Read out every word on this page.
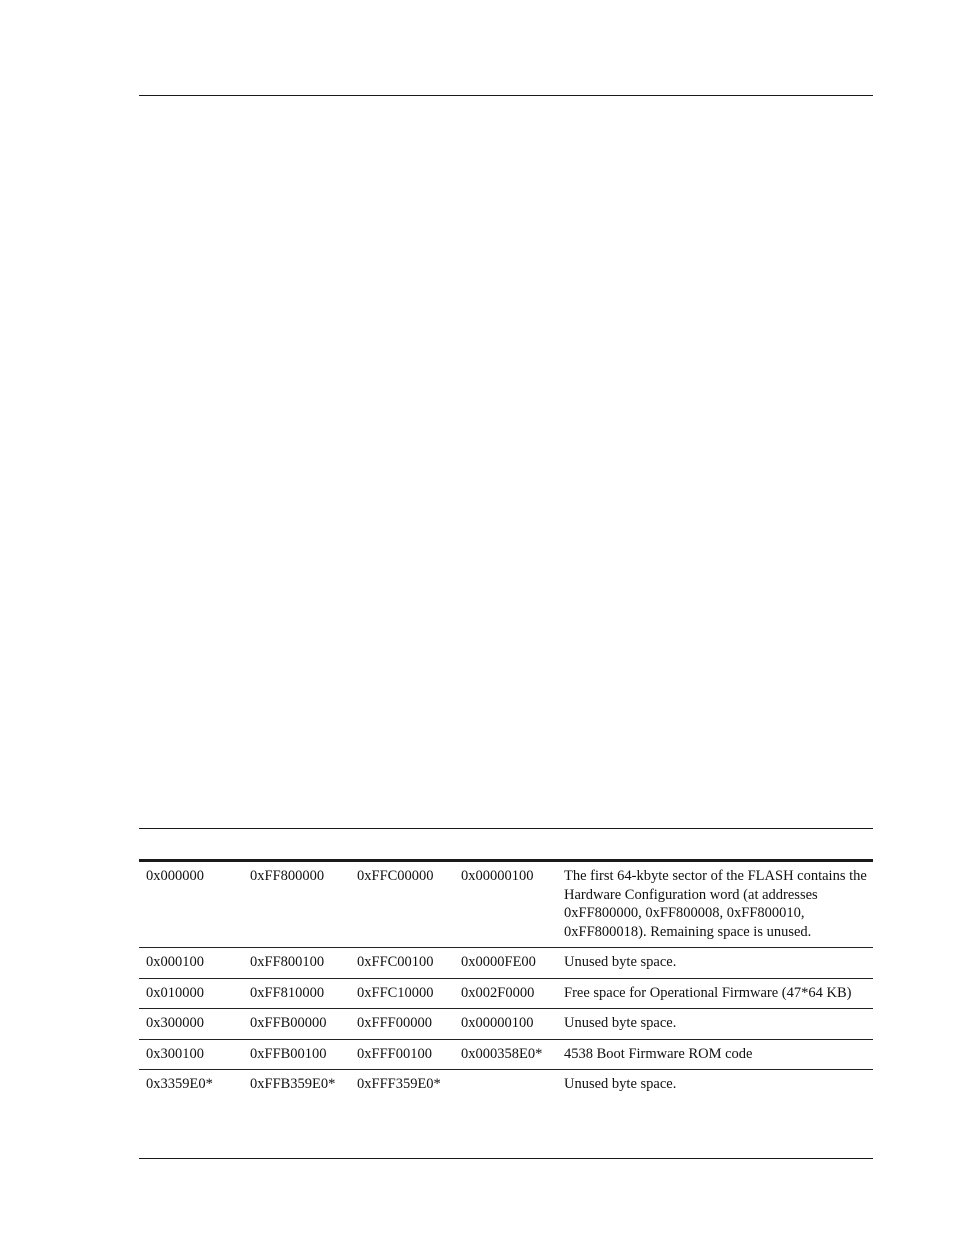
0x000000	0xFF800000	0xFFC00000	0x00000100	The first 64-kbyte sector of the FLASH contains the Hardware Configuration word (at addresses 0xFF800000, 0xFF800008, 0xFF800010, 0xFF800018). Remaining space is unused.
0x000100	0xFF800100	0xFFC00100	0x0000FE00	Unused byte space.
0x010000	0xFF810000	0xFFC10000	0x002F0000	Free space for Operational Firmware (47*64 KB)
0x300000	0xFFB00000	0xFFF00000	0x00000100	Unused byte space.
0x300100	0xFFB00100	0xFFF00100	0x000358E0*	4538 Boot Firmware ROM code
0x3359E0*	0xFFB359E0*	0xFFF359E0*		Unused byte space.
